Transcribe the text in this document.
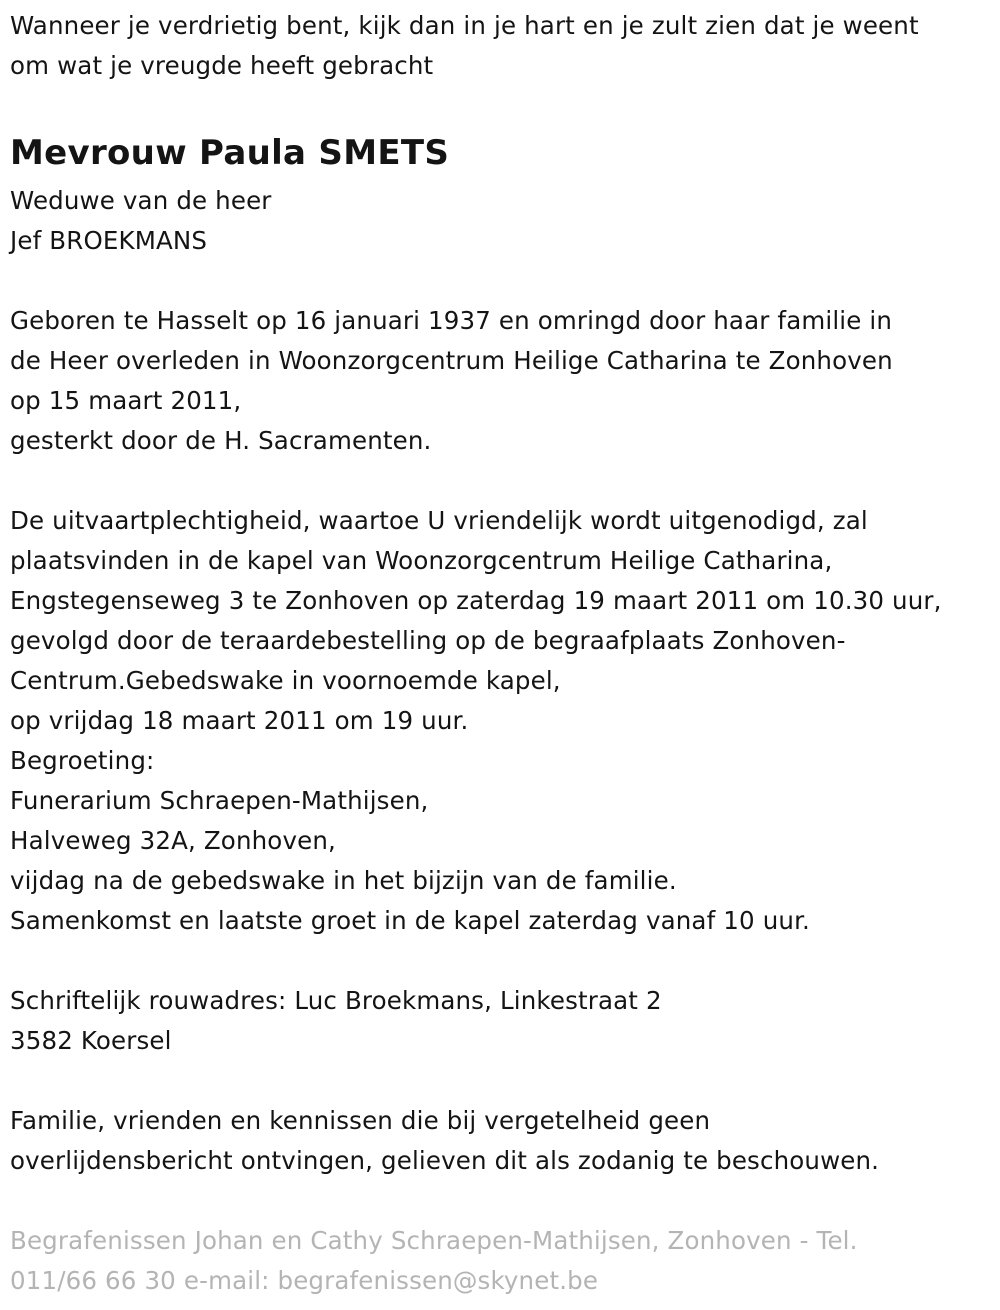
Wanneer je verdrietig bent, kijk dan in je hart en je zult zien dat je weent
om wat je vreugde heeft gebracht
Mevrouw Paula SMETS
Weduwe van de heer
Jef BROEKMANS
Geboren te Hasselt op 16 januari 1937 en omringd door haar familie in
de Heer overleden in Woonzorgcentrum Heilige Catharina te Zonhoven
op 15 maart 2011,
gesterkt door de H. Sacramenten.
De uitvaartplechtigheid, waartoe U vriendelijk wordt uitgenodigd, zal
plaatsvinden in de kapel van Woonzorgcentrum Heilige Catharina,
Engstegenseweg 3 te Zonhoven op zaterdag 19 maart 2011 om 10.30 uur,
gevolgd door de teraardebestelling op de begraafplaats Zonhoven-
Centrum.Gebedswake in voornoemde kapel,
op vrijdag 18 maart 2011 om 19 uur.
Begroeting:
Funerarium Schraepen-Mathijsen,
Halveweg 32A, Zonhoven,
vijdag na de gebedswake in het bijzijn van de familie.
Samenkomst en laatste groet in de kapel zaterdag vanaf 10 uur.
Schriftelijk rouwadres: Luc Broekmans, Linkestraat 2
3582 Koersel
Familie, vrienden en kennissen die bij vergetelheid geen
overlijdensbericht ontvingen, gelieven dit als zodanig te beschouwen.
Begrafenissen Johan en Cathy Schraepen-Mathijsen, Zonhoven - Tel.
011/66 66 30 e-mail: begrafenissen@skynet.be
